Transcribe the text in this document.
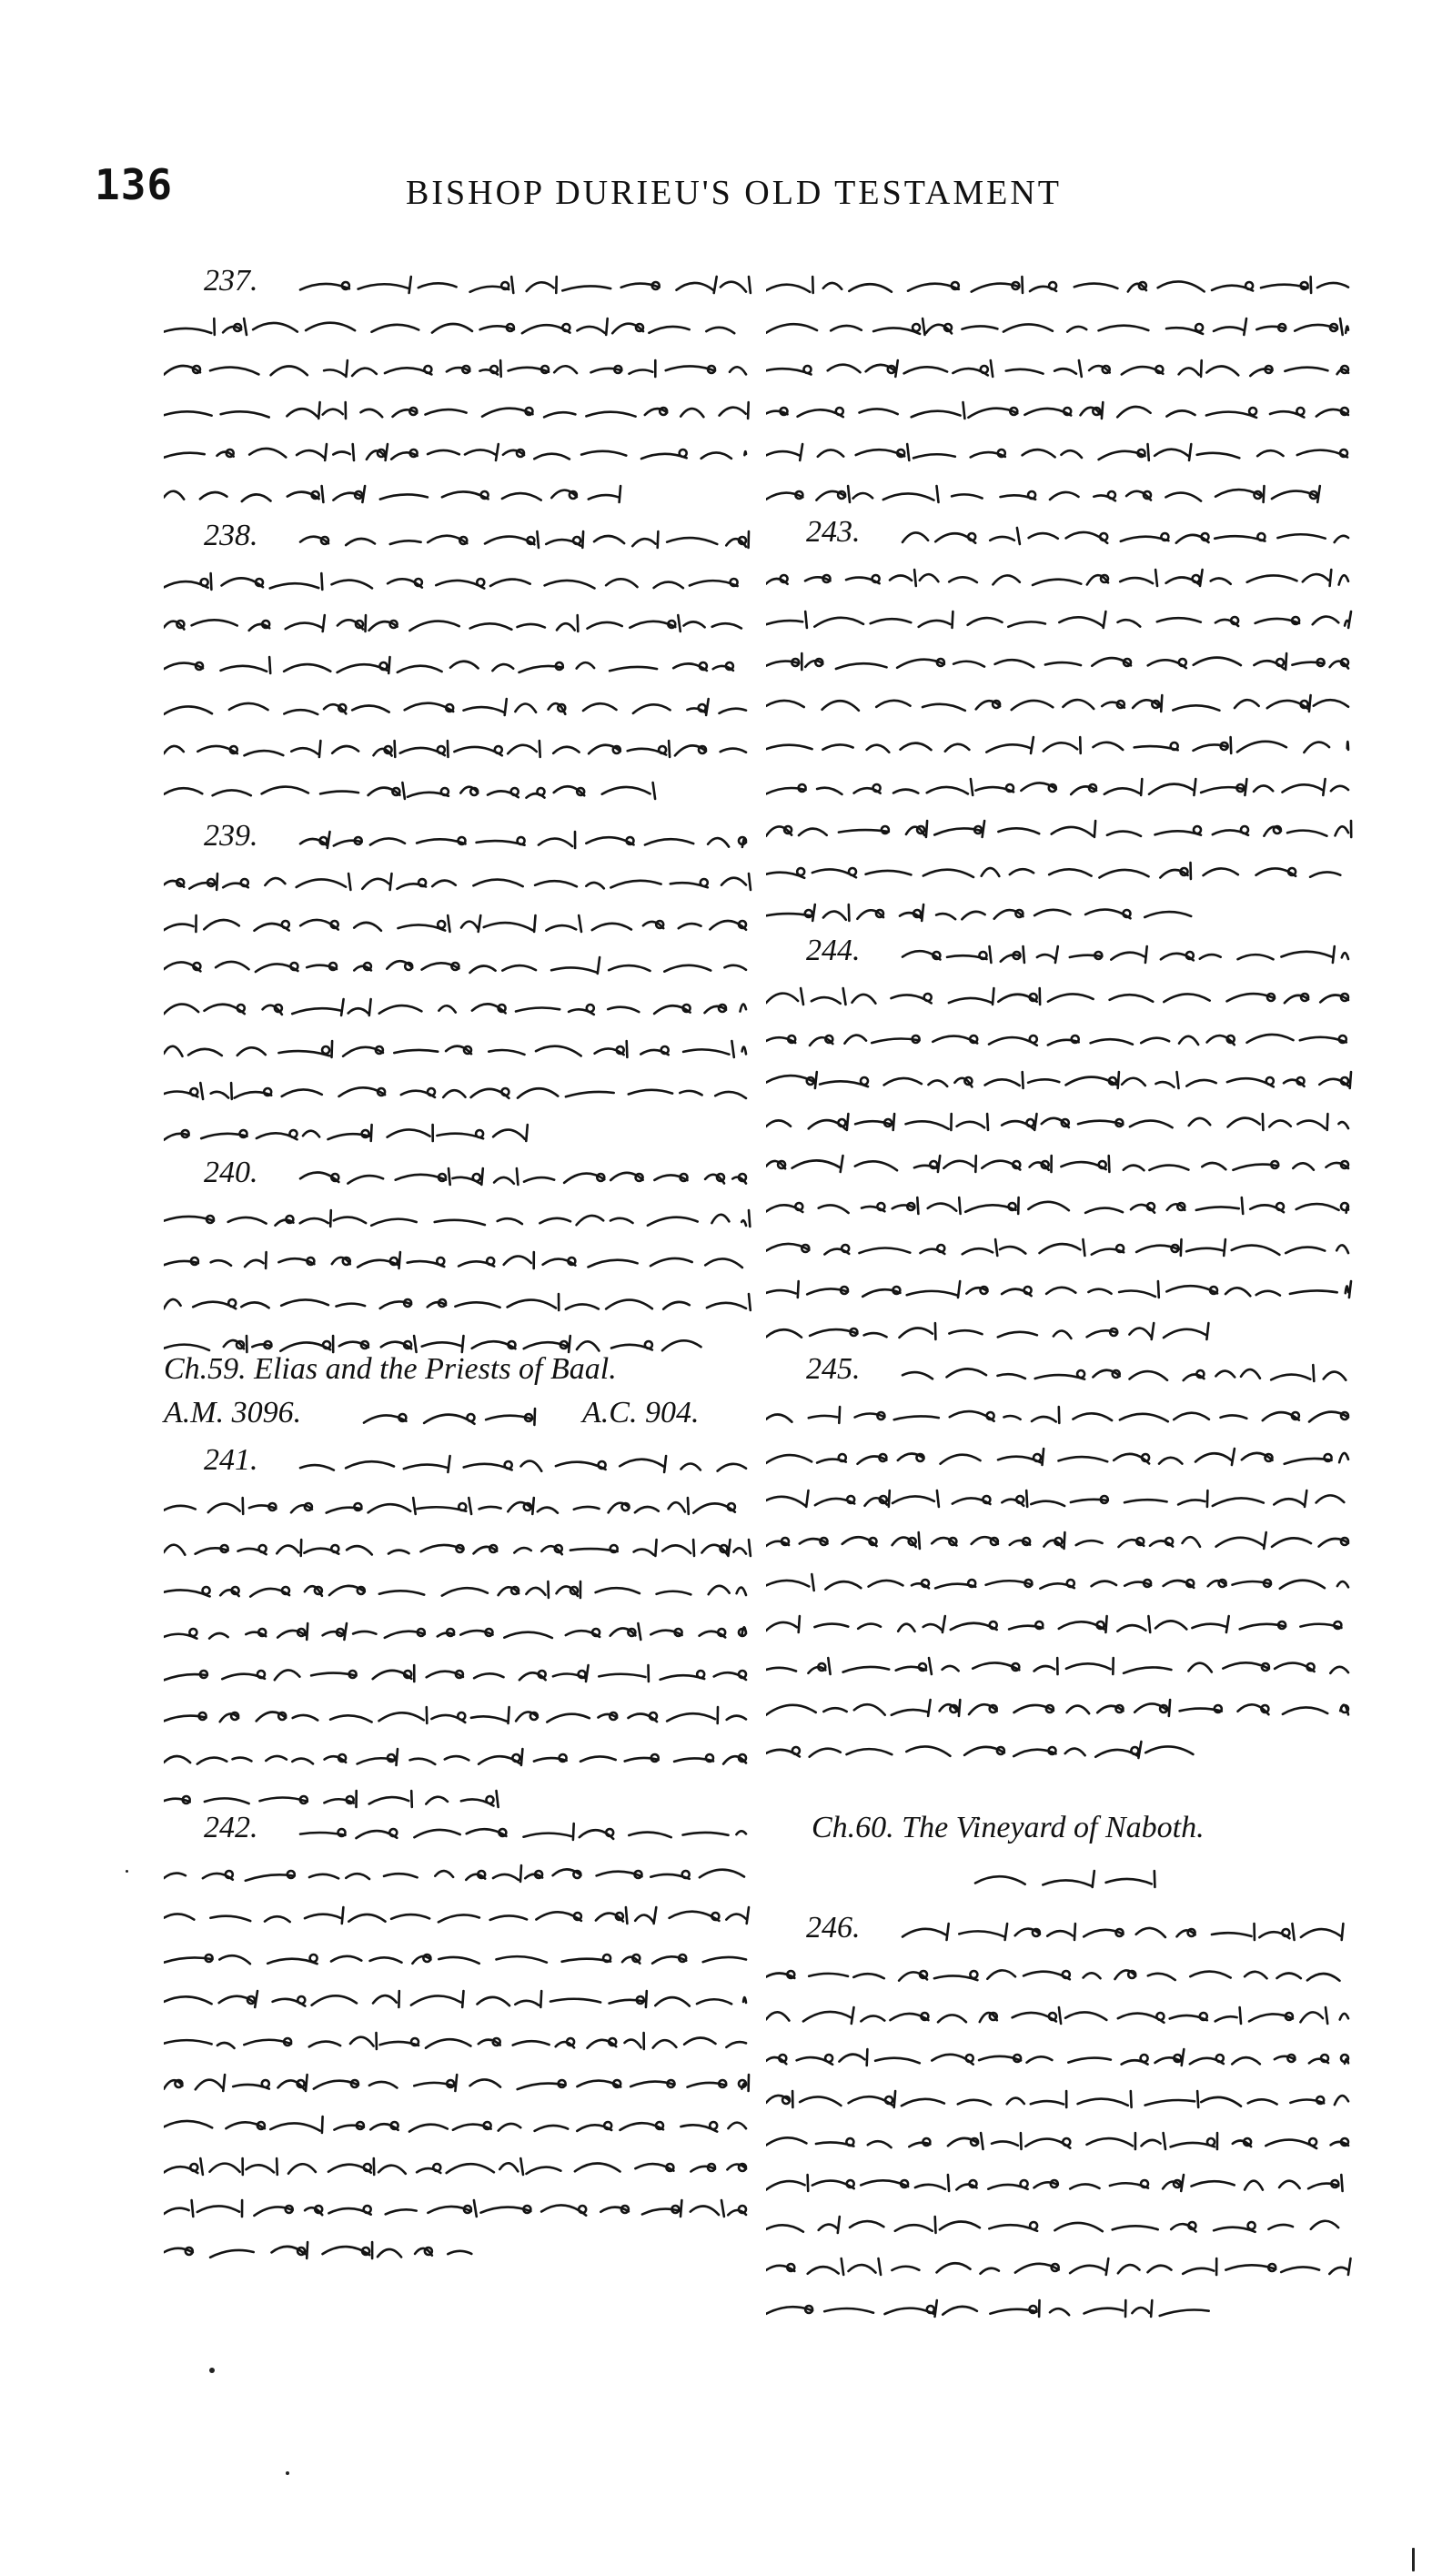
136	BISHOP DURIEU'S OLD TESTAMENT
237.
238.
239.
240.
Ch.59. Elias and the Priests of Baal.
A.M. 3096.	A.C. 904.
241.
242.
243.
244.
245.
Ch.60. The Vineyard of Naboth.
246.
